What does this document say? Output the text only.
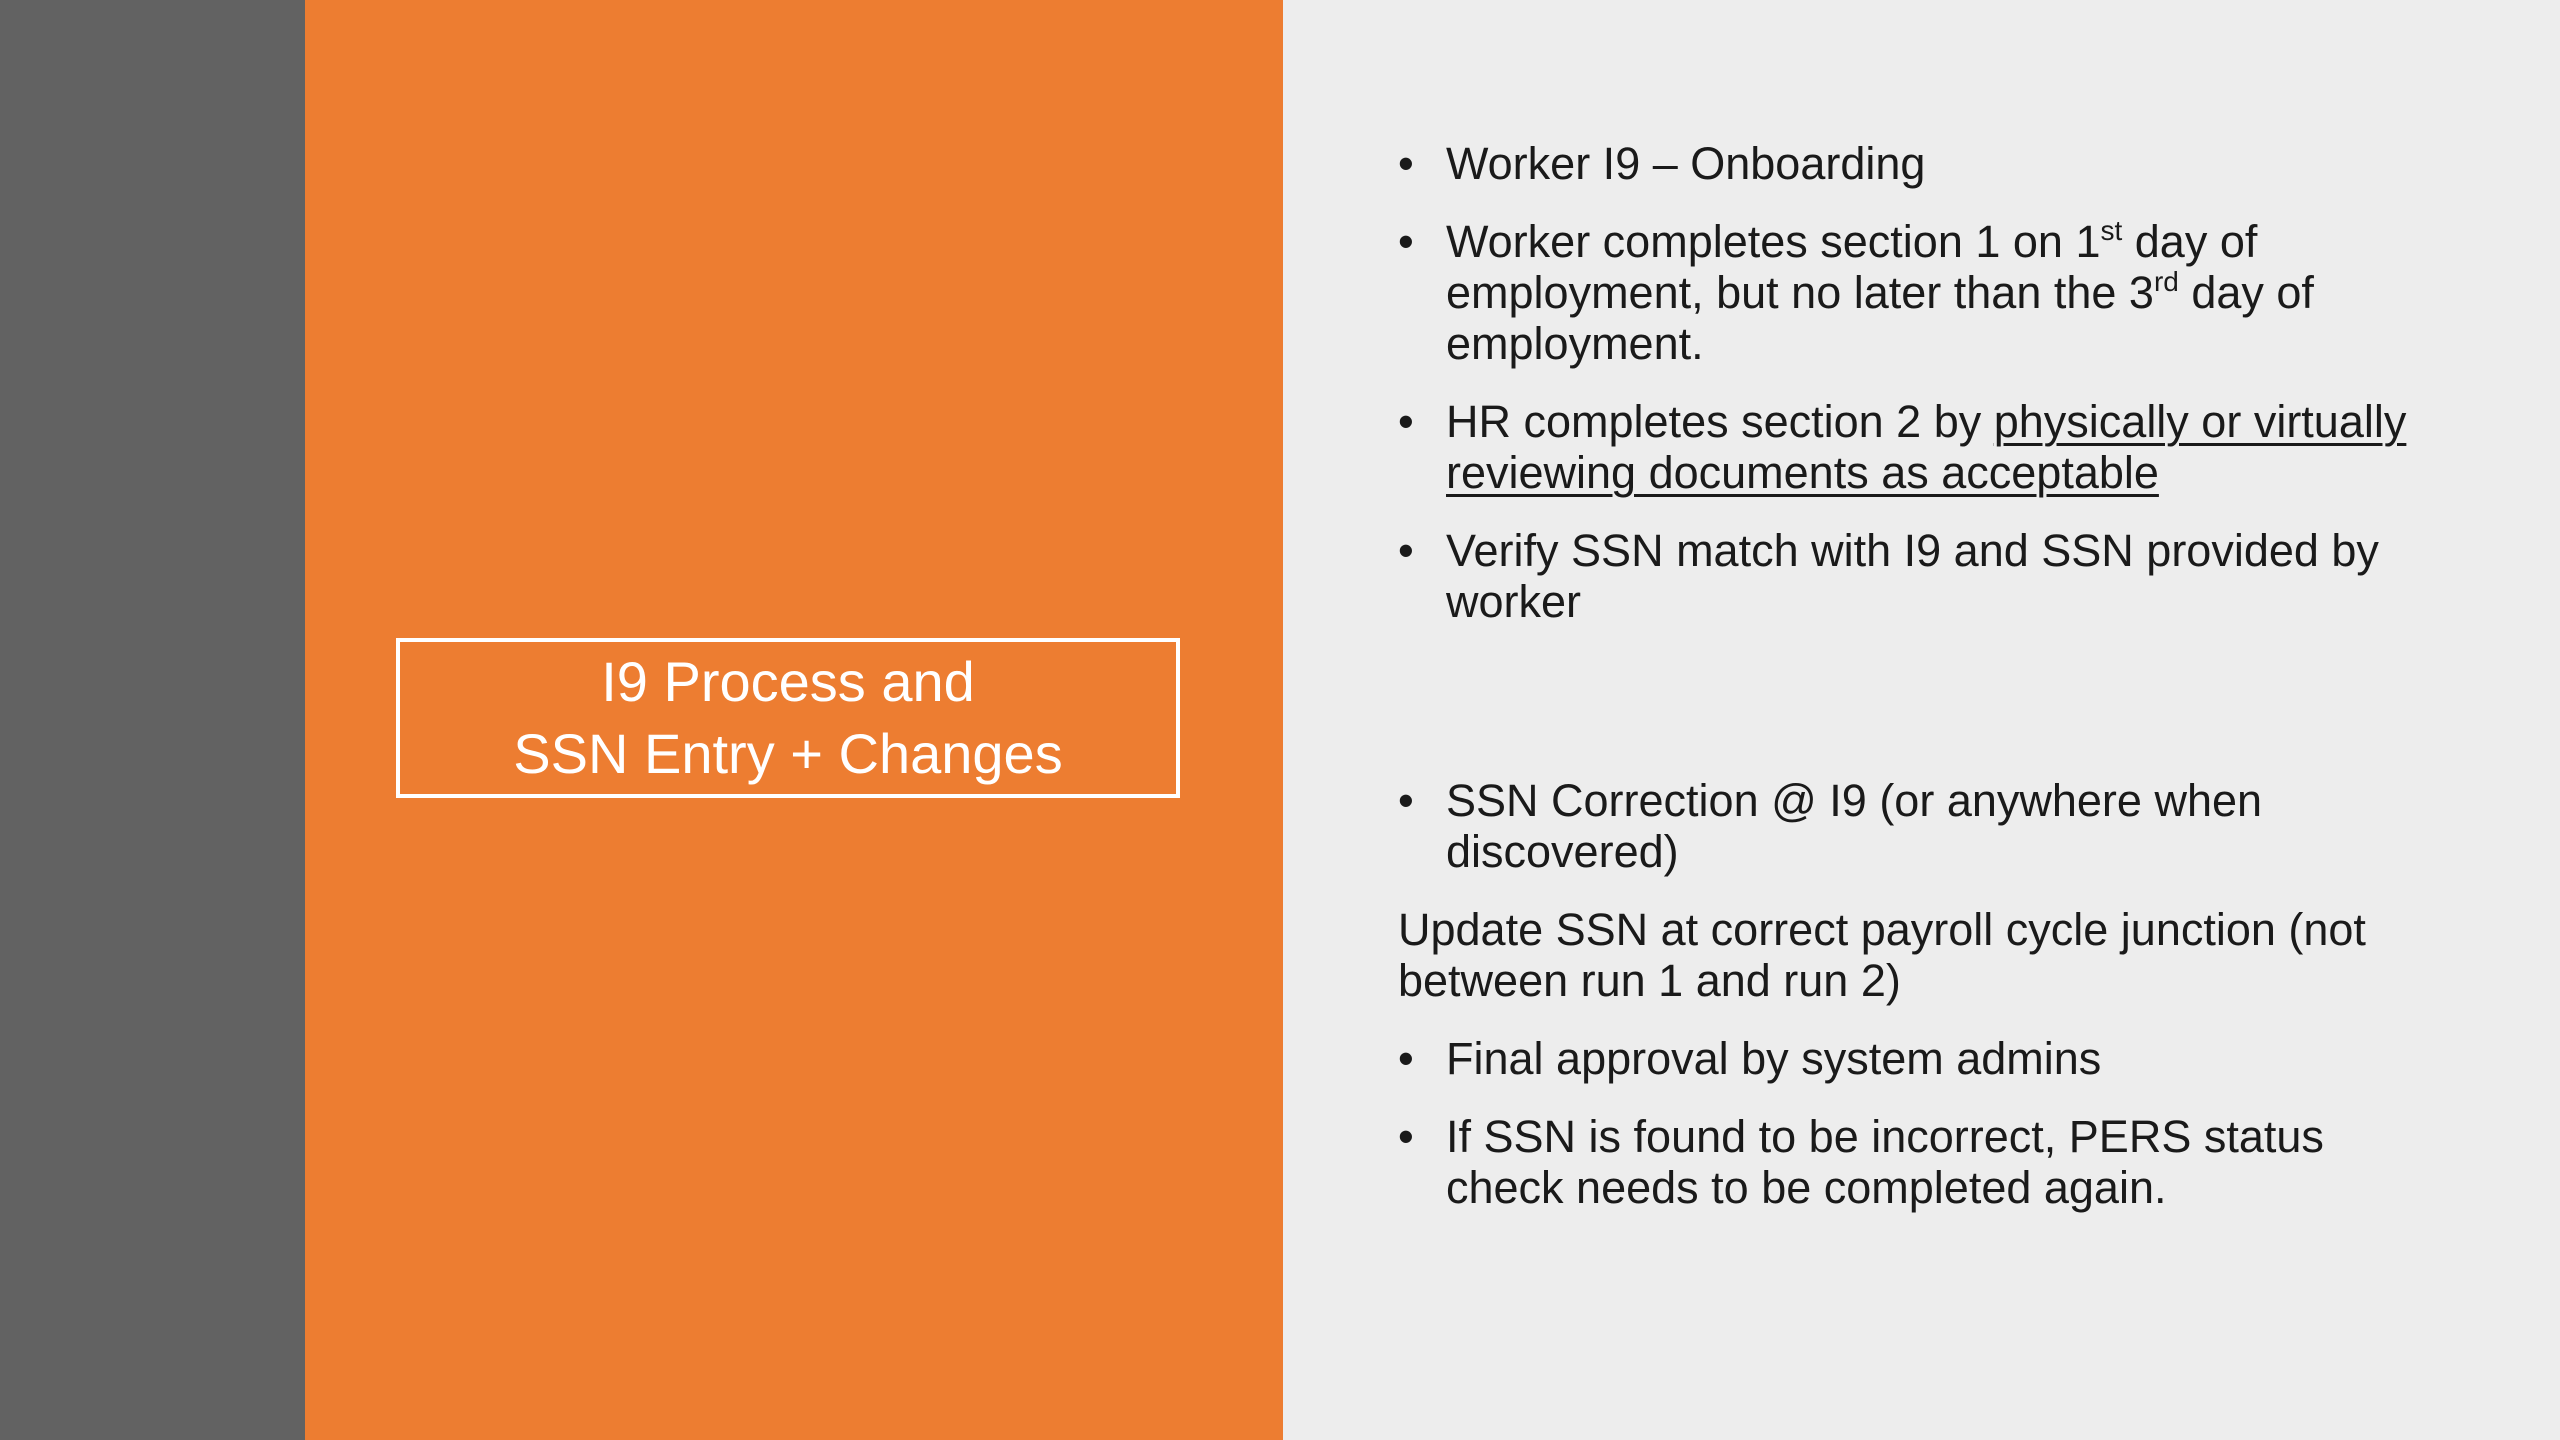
I9 Process and
SSN Entry + Changes
• Worker I9 – Onboarding
• Worker completes section 1 on 1st day of employment, but no later than the 3rd day of employment.
• HR completes section 2 by physically or virtually reviewing documents as acceptable
• Verify SSN match with I9 and SSN provided by worker
• SSN Correction @ I9 (or anywhere when discovered)
Update SSN at correct payroll cycle junction (not between run 1 and run 2)
• Final approval by system admins
• If SSN is found to be incorrect, PERS status check needs to be completed again.
